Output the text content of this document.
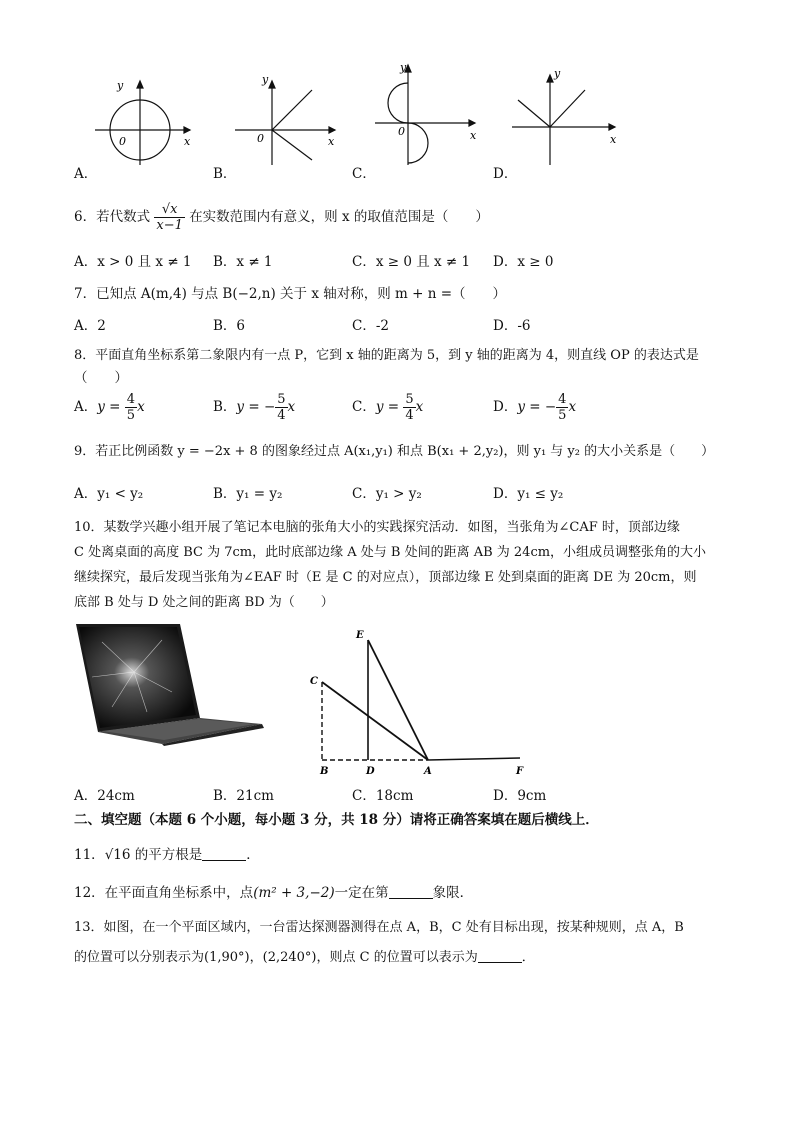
y
0	x
y
0	x
y
0	x
y
x
A．	B．	C．	D．
6．若代数式 $\frac{√x}{x-1}$ 在实数范围内有意义，则 x 的取值范围是（　　）
A．x > 0 且 x ≠ 1 B．x ≠ 1	C．x ≥ 0 且 x ≠ 1 D．x ≥ 0
7．已知点 A(m,4) 与点 B(−2,n) 关于 x 轴对称，则 m + n =（　　）
A．2	B．6	C．-2	D．-6
8．平面直角坐标系第二象限内有一点 P，它到 x 轴的距离为 5，到 y 轴的距离为 4，则直线 OP 的表达式是
（　　）
A．$y = \frac{4}{5}$ x	B．y = − $\frac{5}{4}$ x	C．$y = \frac{5}{4}$ x	D．y = − $\frac{4}{5}$ x
9．若正比例函数 y = −2x + 8 的图象经过点 A(x₁,y₁) 和点 B(x₁ + 2,y₂)，则 y₁ 与 y₂ 的大小关系是（　　）
A．y₁ < y₂	B．y₁ = y₂	C．y₁ > y₂	D．y₁ ≤ y₂
10．某数学兴趣小组开展了笔记本电脑的张角大小的实践探究活动．如图，当张角为∠CAF 时，顶部边缘
C 处离桌面的高度 BC 为 7cm，此时底部边缘 A 处与 B 处间的距离 AB 为 24cm，小组成员调整张角的大小
继续探究，最后发现当张角为∠EAF 时（E 是 C 的对应点），顶部边缘 E 处到桌面的距离 DE 为 20cm，则
底部 B 处与 D 处之间的距离 BD 为（　　）
E
C
B	D	A	F
A．24cm	B．21cm	C．18cm	D．9cm
二、填空题（本题 6 个小题，每小题 3 分，共 18 分）请将正确答案填在题后横线上．
11．√16 的平方根是	．
12．在平面直角坐标系中，点(m² + 3,−2)一定在第	象限．
13．如图，在一个平面区域内，一台雷达探测器测得在点 A，B，C 处有目标出现，按某种规则，点 A，B
的位置可以分别表示为(1,90°)，(2,240°)，则点 C 的位置可以表示为	．
